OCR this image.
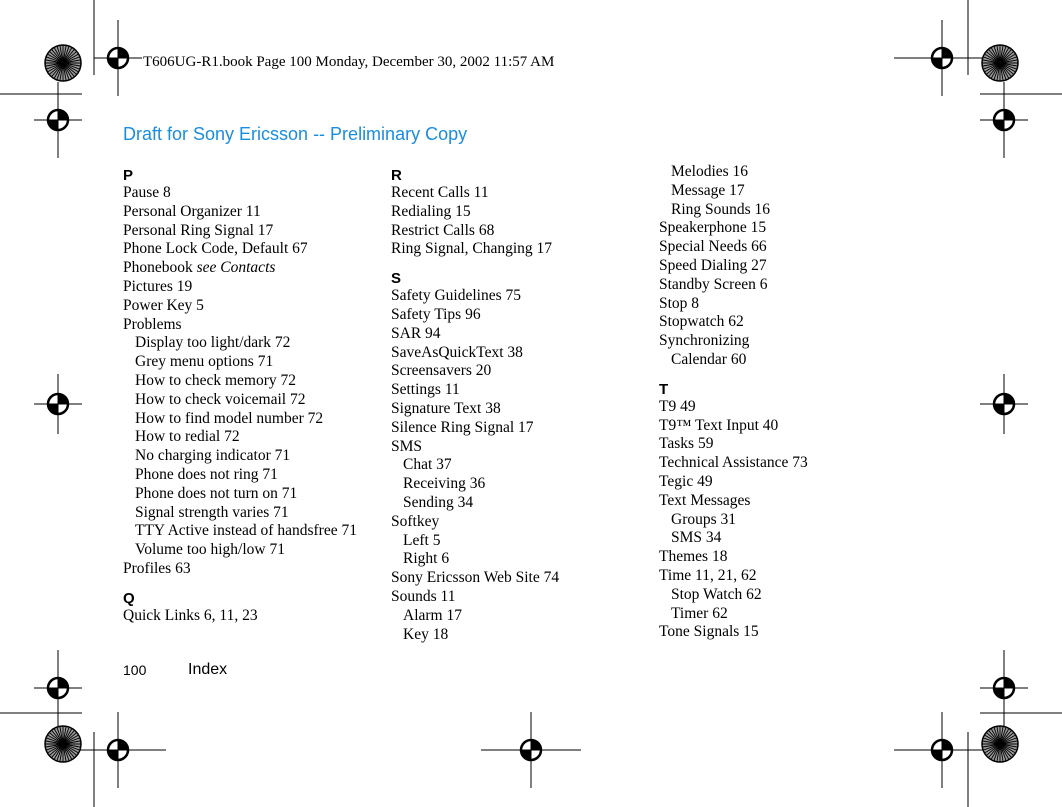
T606UG-R1.book Page 100 Monday, December 30, 2002 11:57 AM
Draft for Sony Ericsson -- Preliminary Copy
P
Pause 8
Personal Organizer 11
Personal Ring Signal 17
Phone Lock Code, Default 67
Phonebook see Contacts
Pictures 19
Power Key 5
Problems
Display too light/dark 72
Grey menu options 71
How to check memory 72
How to check voicemail 72
How to find model number 72
How to redial 72
No charging indicator 71
Phone does not ring 71
Phone does not turn on 71
Signal strength varies 71
TTY Active instead of handsfree 71
Volume too high/low 71
Profiles 63
Q
Quick Links 6, 11, 23
R
Recent Calls 11
Redialing 15
Restrict Calls 68
Ring Signal, Changing 17
S
Safety Guidelines 75
Safety Tips 96
SAR 94
SaveAsQuickText 38
Screensavers 20
Settings 11
Signature Text 38
Silence Ring Signal 17
SMS
Chat 37
Receiving 36
Sending 34
Softkey
Left 5
Right 6
Sony Ericsson Web Site 74
Sounds 11
Alarm 17
Key 18
Melodies 16
Message 17
Ring Sounds 16
Speakerphone 15
Special Needs 66
Speed Dialing 27
Standby Screen 6
Stop 8
Stopwatch 62
Synchronizing
Calendar 60
T
T9 49
T9™ Text Input 40
Tasks 59
Technical Assistance 73
Tegic 49
Text Messages
Groups 31
SMS 34
Themes 18
Time 11, 21, 62
Stop Watch 62
Timer 62
Tone Signals 15
100	Index
